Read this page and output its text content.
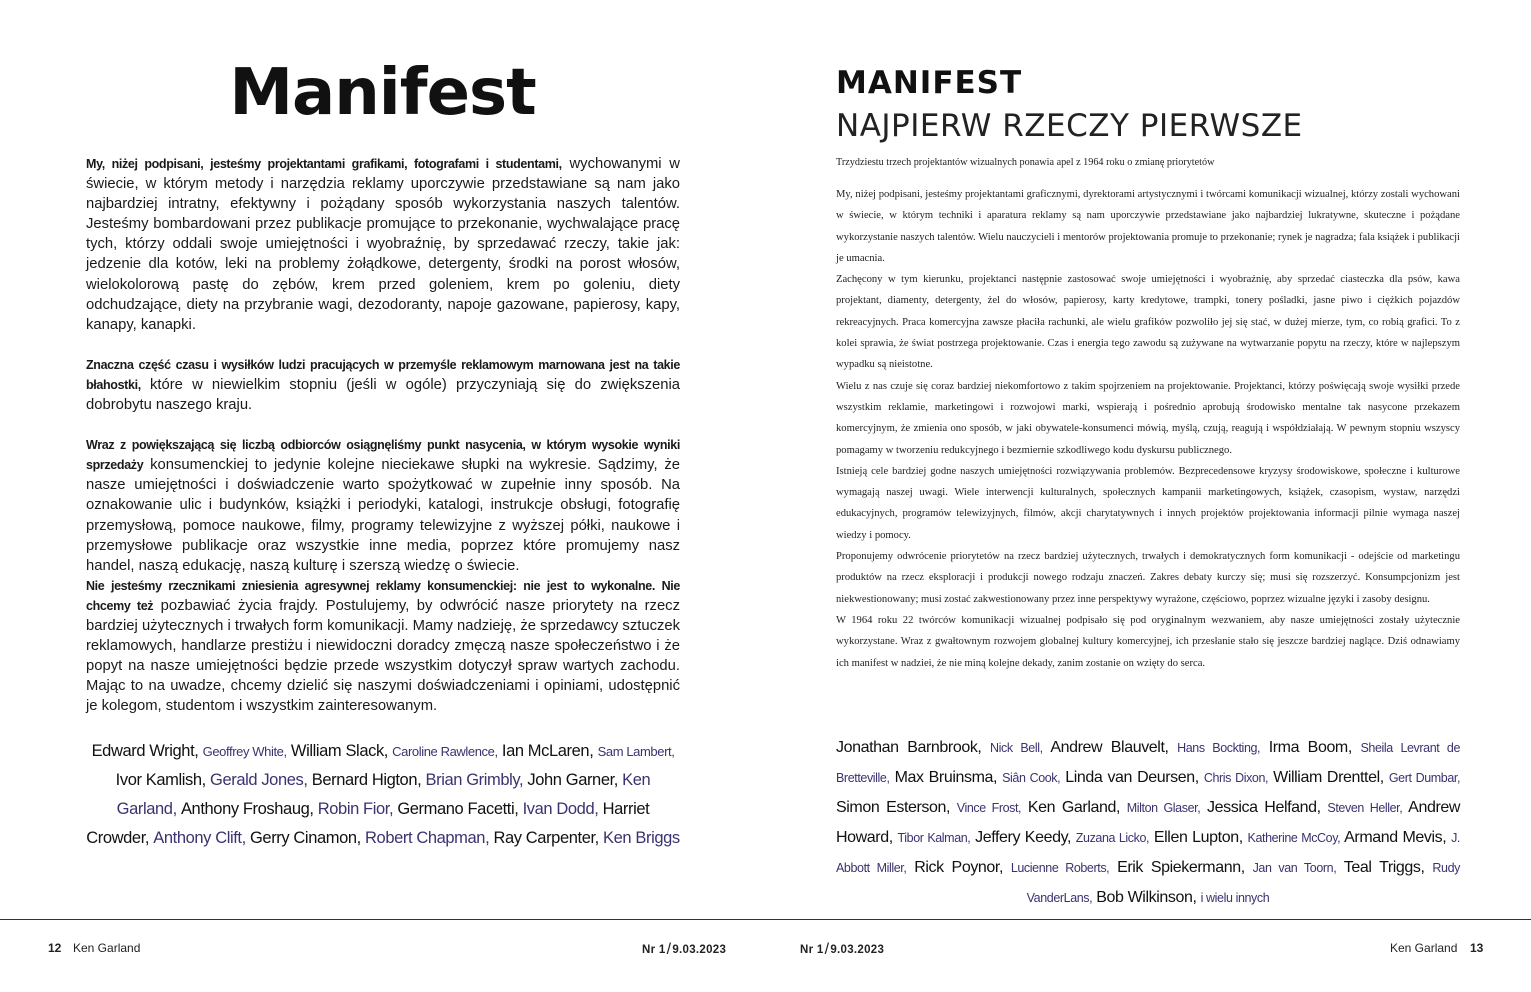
Manifest

My, niżej podpisani, jesteśmy projektantami grafikami, fotografami i studentami, wychowanymi w świecie, w którym metody i narzędzia reklamy uporczywie przedstawiane są nam jako najbardziej intratny, efektywny i pożądany sposób wykorzystania naszych talentów. Jesteśmy bombardowani przez publikacje promujące to przekonanie, wychwalające pracę tych, którzy oddali swoje umiejętności i wyobraźnię, by sprzedawać rzeczy, takie jak: jedzenie dla kotów, leki na problemy żołądkowe, detergenty, środki na porost włosów, wielokolorową pastę do zębów, krem przed goleniem, krem po goleniu, diety odchudzające, diety na przybranie wagi, dezodoranty, napoje gazowane, papierosy, kapy, kanapy, kanapki.

Znaczna część czasu i wysiłków ludzi pracujących w przemyśle reklamowym marnowana jest na takie błahostki, które w niewielkim stopniu (jeśli w ogóle) przyczyniają się do zwiększenia dobrobytu naszego kraju.

Wraz z powiększającą się liczbą odbiorców osiągnęliśmy punkt nasycenia, w którym wysokie wyniki sprzedaży konsumenckiej to jedynie kolejne nieciekawe słupki na wykresie. Sądzimy, że nasze umiejętności i doświadczenie warto spożytkować w zupełnie inny sposób. Na oznakowanie ulic i budynków, książki i periodyki, katalogi, instrukcje obsługi, fotografię przemysłową, pomoce naukowe, filmy, programy telewizyjne z wyższej półki, naukowe i przemysłowe publikacje oraz wszystkie inne media, poprzez które promujemy nasz handel, naszą edukację, naszą kulturę i szerszą wiedzę o świecie.

Nie jesteśmy rzecznikami zniesienia agresywnej reklamy konsumenckiej: nie jest to wykonalne. Nie chcemy też pozbawiać życia frajdy. Postulujemy, by odwrócić nasze priorytety na rzecz bardziej użytecznych i trwałych form komunikacji. Mamy nadzieję, że sprzedawcy sztuczek reklamowych, handlarze prestiżu i niewidoczni doradcy zmęczą nasze społeczeństwo i że popyt na nasze umiejętności będzie przede wszystkim dotyczył spraw wartych zachodu. Mając to na uwadze, chcemy dzielić się naszymi doświadczeniami i opiniami, udostępnić je kolegom, studentom i wszystkim zainteresowanym.

Edward Wright, Geoffrey White, William Slack, Caroline Rawlence, Ian McLaren, Sam Lambert, Ivor Kamlish, Gerald Jones, Bernard Higton, Brian Grimbly, John Garner, Ken Garland, Anthony Froshaug, Robin Fior, Germano Facetti, Ivan Dodd, Harriet Crowder, Anthony Clift, Gerry Cinamon, Robert Chapman, Ray Carpenter, Ken Briggs
MANIFEST
NAJPIERW RZECZY PIERWSZE
Trzydziestu trzech projektantów wizualnych ponawia apel z 1964 roku o zmianę priorytetów

My, niżej podpisani, jesteśmy projektantami graficznymi, dyrektorami artystycznymi i twórcami komunikacji wizualnej, którzy zostali wychowani w świecie, w którym techniki i aparatura reklamy są nam uporczywie przedstawiane jako najbardziej lukratywne, skuteczne i pożądane wykorzystanie naszych talentów. Wielu nauczycieli i mentorów projektowania promuje to przekonanie; rynek je nagradza; fala książek i publikacji je umacnia.

Zachęcony w tym kierunku, projektanci następnie zastosować swoje umiejętności i wyobraźnię, aby sprzedać ciasteczka dla psów, kawa projektant, diamenty, detergenty, żel do włosów, papierosy, karty kredytowe, trampki, tonery pośladki, jasne piwo i ciężkich pojazdów rekreacyjnych. Praca komercyjna zawsze płaciła rachunki, ale wielu grafików pozwoliło jej się stać, w dużej mierze, tym, co robią grafici. To z kolei sprawia, że świat postrzega projektowanie. Czas i energia tego zawodu są zużywane na wytwarzanie popytu na rzeczy, które w najlepszym wypadku są nieistotne.

Wielu z nas czuje się coraz bardziej niekomfortowo z takim spojrzeniem na projektowanie. Projektanci, którzy poświęcają swoje wysiłki przede wszystkim reklamie, marketingowi i rozwojowi marki, wspierają i pośrednio aprobują środowisko mentalne tak nasycone przekazem komercyjnym, że zmienia ono sposób, w jaki obywatele-konsumenci mówią, myślą, czują, reagują i współdziałają. W pewnym stopniu wszyscy pomagamy w tworzeniu redukcyjnego i bezmiernie szkodliwego kodu dyskursu publicznego.

Istnieją cele bardziej godne naszych umiejętności rozwiązywania problemów. Bezprecedensowe kryzysy środowiskowe, społeczne i kulturowe wymagają naszej uwagi. Wiele interwencji kulturalnych, społecznych kampanii marketingowych, książek, czasopism, wystaw, narzędzi edukacyjnych, programów telewizyjnych, filmów, akcji charytatywnych i innych projektów projektowania informacji pilnie wymaga naszej wiedzy i pomocy.

Proponujemy odwrócenie priorytetów na rzecz bardziej użytecznych, trwałych i demokratycznych form komunikacji - odejście od marketingu produktów na rzecz eksploracji i produkcji nowego rodzaju znaczeń. Zakres debaty kurczy się; musi się rozszerzyć. Konsumpcjonizm jest niekwestionowany; musi zostać zakwestionowany przez inne perspektywy wyrażone, częściowo, poprzez wizualne języki i zasoby designu.

W 1964 roku 22 twórców komunikacji wizualnej podpisało się pod oryginalnym wezwaniem, aby nasze umiejętności zostały użytecznie wykorzystane. Wraz z gwałtownym rozwojem globalnej kultury komercyjnej, ich przesłanie stało się jeszcze bardziej naglące. Dziś odnawiamy ich manifest w nadziei, że nie miną kolejne dekady, zanim zostanie on wzięty do serca.

Jonathan Barnbrook, Nick Bell, Andrew Blauvelt, Hans Bockting, Irma Boom, Sheila Levrant de Bretteville, Max Bruinsma, Siân Cook, Linda van Deursen, Chris Dixon, William Drenttel, Gert Dumbar, Simon Esterson, Vince Frost, Ken Garland, Milton Glaser, Jessica Helfand, Steven Heller, Andrew Howard, Tibor Kalman, Jeffery Keedy, Zuzana Licko, Ellen Lupton, Katherine McCoy, Armand Mevis, J. Abbott Miller, Rick Poynor, Lucienne Roberts, Erik Spiekermann, Jan van Toorn, Teal Triggs, Rudy VanderLans, Bob Wilkinson, i wielu innych
12 Ken Garland	Nr 1/9.03.2023	Nr 1/9.03.2023	Ken Garland 13
